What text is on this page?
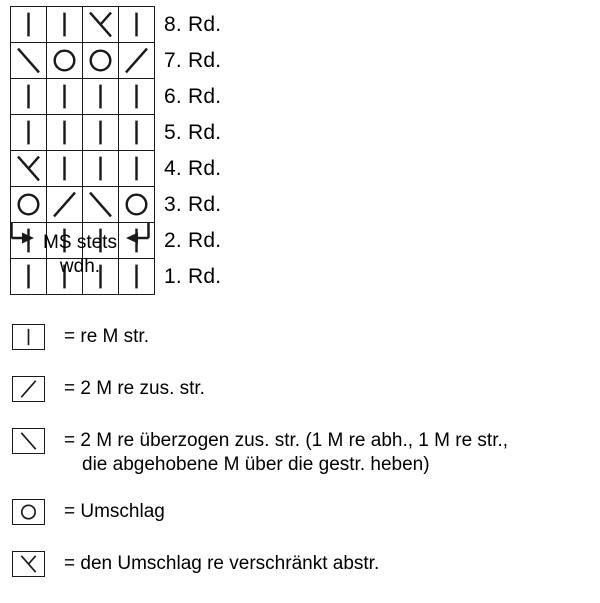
	8. Rd.

	7. Rd.

	6. Rd.

	5. Rd.

	4. Rd.

	3. Rd.

	2. Rd.

	1. Rd.
MS stets
wdh.
= re M str.
= 2 M re zus. str.
= 2 M re überzogen zus. str. (1 M re abh., 1 M re str.,
die abgehobene M über die gestr. heben)
= Umschlag
= den Umschlag re verschränkt abstr.
